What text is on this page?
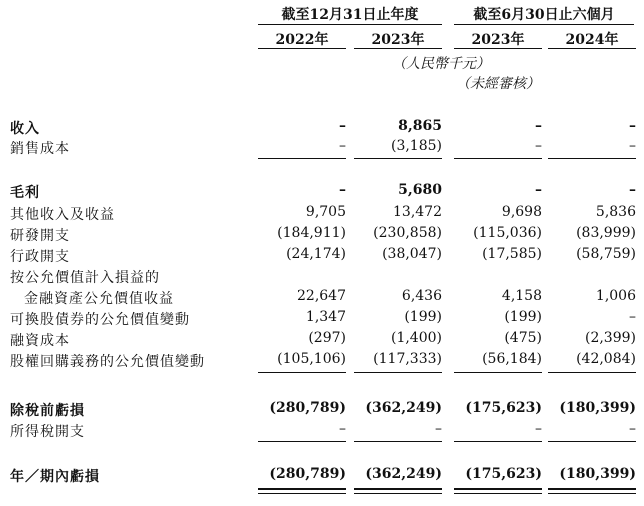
截至12月31日止年度	截至6月30日止六個月
2022年	2023年	2023年	2024年
（人民幣千元）
（未經審核）
收入	–	8,865	–	–
銷售成本	–	(3,185)	–	–
毛利	–	5,680	–	–
其他收入及收益	9,705	13,472	9,698	5,836
研發開支	(184,911) (230,858) (115,036) (83,999)
行政開支	(24,174)	(38,047)	(17,585) (58,759)
按公允價值計入損益的
金融資產公允價值收益	22,647	6,436	4,158	1,006
可換股債券的公允價值變動	1,347	(199)	(199)	–
融資成本	(297)	(1,400)	(475)	(2,399)
股權回購義務的公允價值變動	(105,106) (117,333)	(56,184) (42,084)
除稅前虧損	(280,789) (362,249) (175,623) (180,399)
所得稅開支	–	–	–	–
年／期內虧損	(280,789) (362,249) (175,623) (180,399)
